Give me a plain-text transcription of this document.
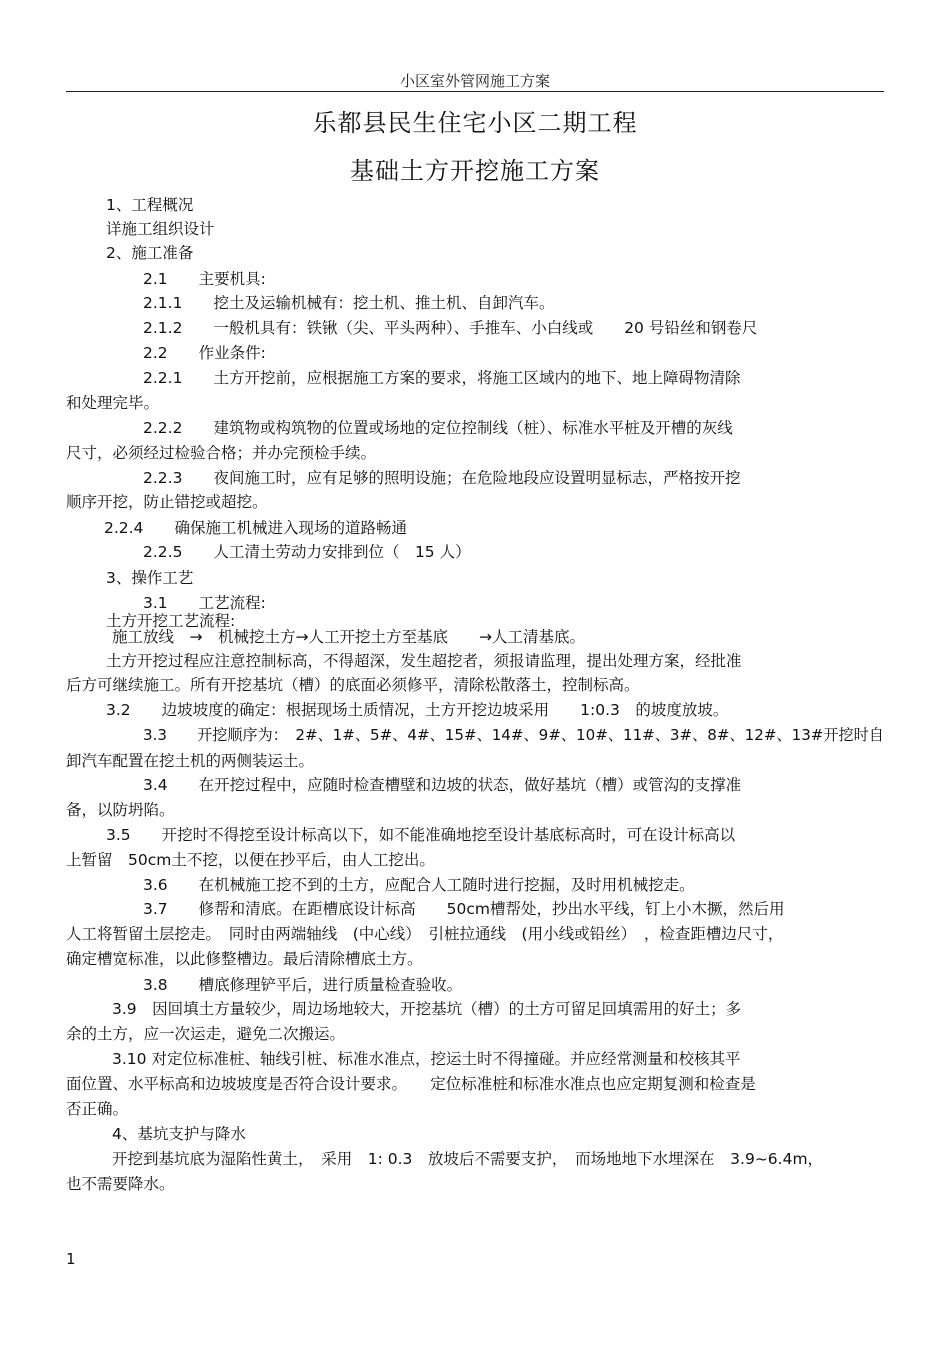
小区室外管网施工方案
乐都县民生住宅小区二期工程
基础土方开挖施工方案
1、工程概况
详施工组织设计
2、施工准备
2.1　　主要机具:
2.1.1　　挖土及运输机械有：挖土机、推土机、自卸汽车。
2.1.2　　一般机具有：铁锹（尖、平头两种）、手推车、小白线或　　20 号铅丝和钢卷尺
2.2　　作业条件:
2.2.1　　土方开挖前，应根据施工方案的要求，将施工区域内的地下、地上障碍物清除
和处理完毕。
2.2.2　　建筑物或构筑物的位置或场地的定位控制线（桩）、标准水平桩及开槽的灰线
尺寸，必须经过检验合格；并办完预检手续。
2.2.3　　夜间施工时，应有足够的照明设施；在危险地段应设置明显标志，严格按开挖
顺序开挖，防止错挖或超挖。
2.2.4　　确保施工机械进入现场的道路畅通
2.2.5　　人工清土劳动力安排到位（　15 人）
3、操作工艺
3.1　　工艺流程:
土方开挖工艺流程:
施工放线　→　机械挖土方→人工开挖土方至基底　　→人工清基底。
土方开挖过程应注意控制标高，不得超深，发生超挖者，须报请监理，提出处理方案，经批准
后方可继续施工。所有开挖基坑（槽）的底面必须修平，清除松散落土，控制标高。
3.2　　边坡坡度的确定：根据现场土质情况，土方开挖边坡采用　　1:0.3　的坡度放坡。
3.3　　开挖顺序为：　2#、1#、5#、4#、15#、14#、9#、10#、11#、3#、8#、12#、13#开挖时自
卸汽车配置在挖土机的两侧装运土。
3.4　　在开挖过程中，应随时检查槽壁和边坡的状态，做好基坑（槽）或管沟的支撑准
备，以防坍陷。
3.5　　开挖时不得挖至设计标高以下，如不能准确地挖至设计基底标高时，可在设计标高以
上暂留　50cm土不挖，以便在抄平后，由人工挖出。
3.6　　在机械施工挖不到的土方，应配合人工随时进行挖掘，及时用机械挖走。
3.7　　修帮和清底。在距槽底设计标高　　50cm槽帮处，抄出水平线，钉上小木撅，然后用
人工将暂留土层挖走。　同时由两端轴线　(中心线）　引桩拉通线　(用小线或铅丝）　，检查距槽边尺寸，
确定槽宽标准，以此修整槽边。最后清除槽底土方。
3.8　　槽底修理铲平后，进行质量检查验收。
3.9　因回填土方量较少，周边场地较大，开挖基坑（槽）的土方可留足回填需用的好土；多
余的土方，应一次运走，避免二次搬运。
3.10 对定位标准桩、轴线引桩、标准水准点，挖运土时不得撞碰。并应经常测量和校核其平
面位置、水平标高和边坡坡度是否符合设计要求。　　定位标准桩和标准水准点也应定期复测和检查是
否正确。
4、基坑支护与降水
开挖到基坑底为湿陷性黄土，　采用　1: 0.3　放坡后不需要支护，　而场地地下水埋深在　3.9~6.4m，
也不需要降水。
1
